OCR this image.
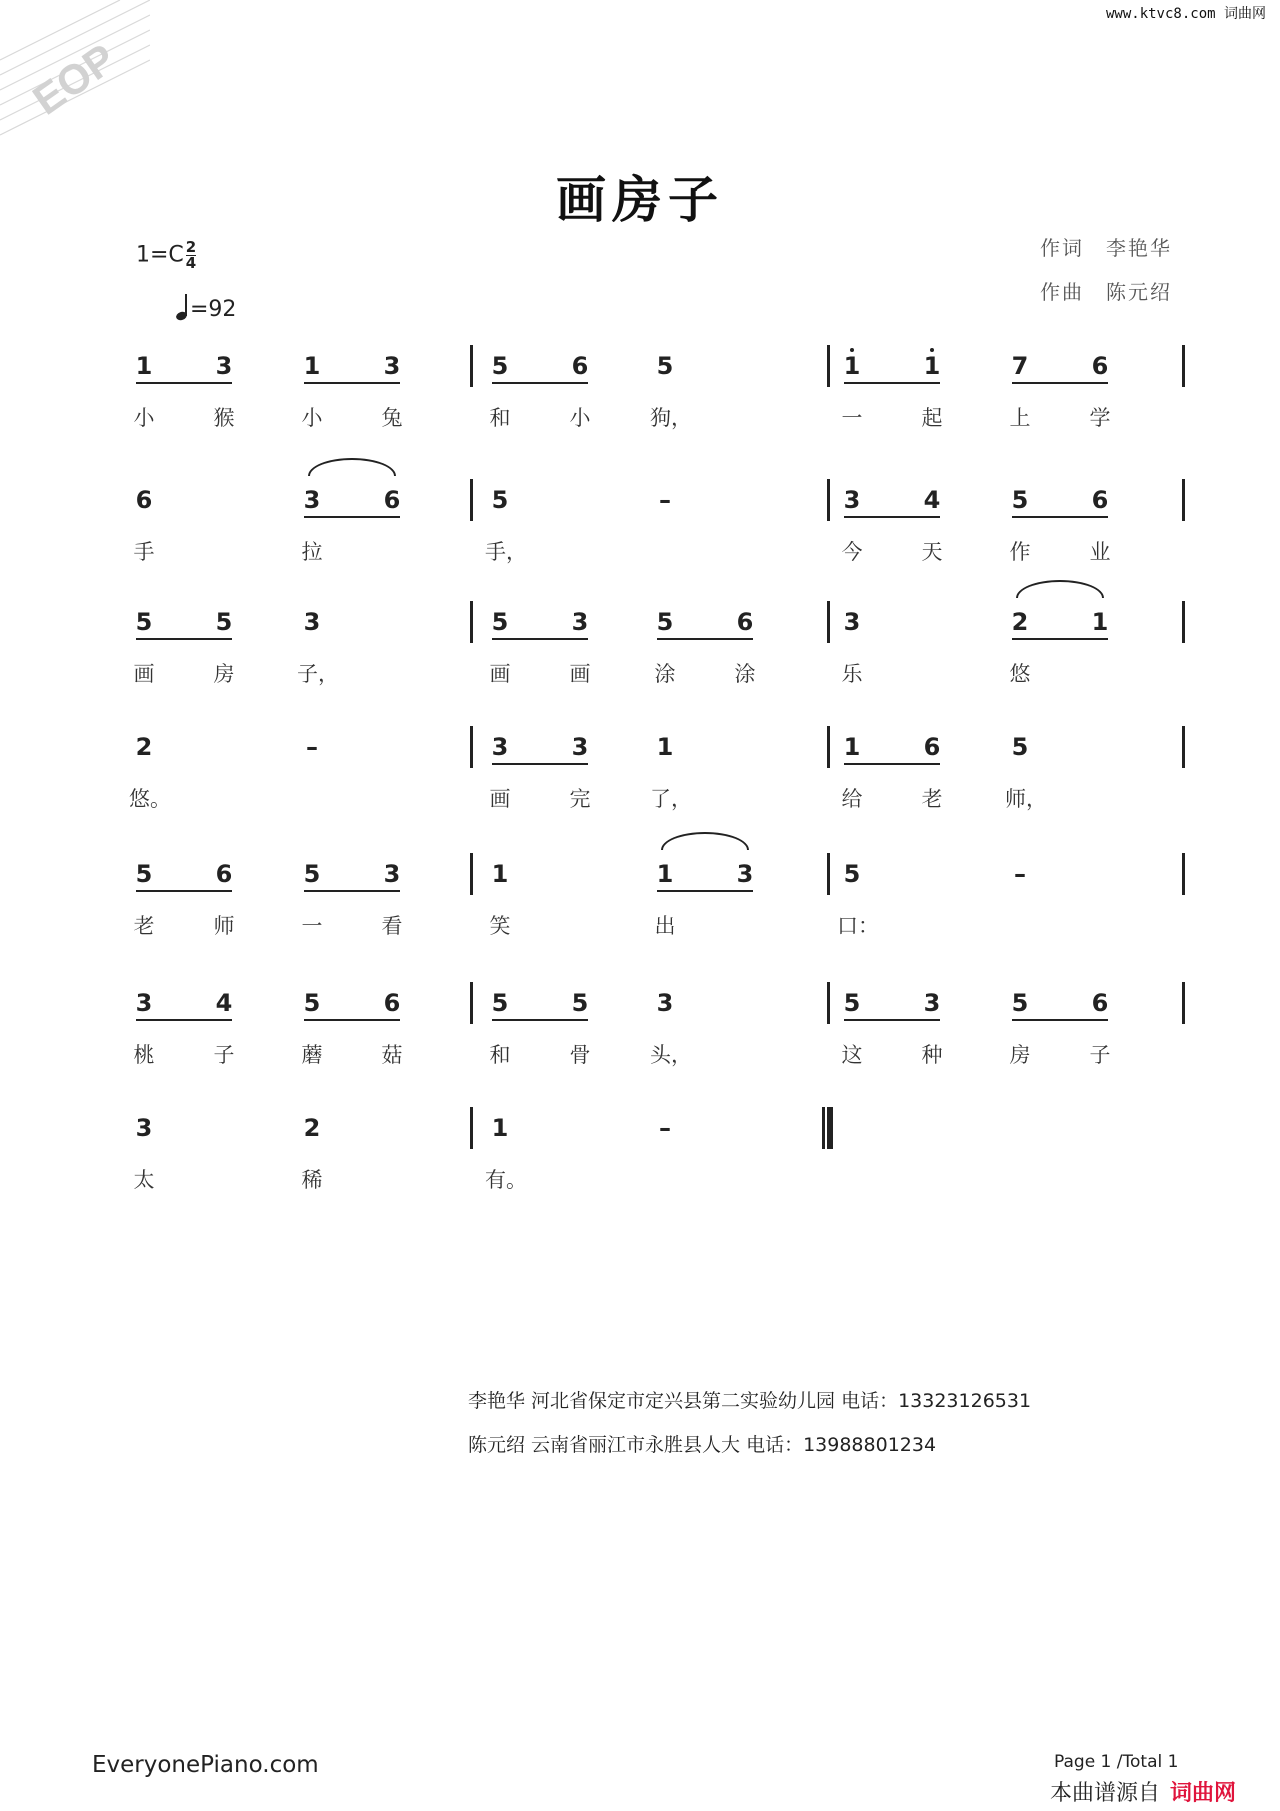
www.ktvc8.com 词曲网
EOP
画房子
$1=C \frac{2}{4}$
=92
作词 李艳华
作曲 陈元绍
1	3	1	3	5	6	5	1	1	7	6
小	猴	小	兔	和	小	狗，	一	起	上	学
6	3	6	5	–	3	4	5	6
手	拉	手，	今	天	作	业
5	5	3	5	3	5	6	3	2	1
画	房	子，	画	画	涂	涂	乐	悠
2	–	3	3	1	1	6	5
悠。	画	完	了，	给	老	师，
5	6	5	3	1	1	3	5	–
老	师	一	看	笑	出	口：
3	4	5	6	5	5	3	5	3	5	6
桃	子	蘑	菇	和	骨	头，	这	种	房	子
3	2	1	–
太	稀	有。
李艳华 河北省保定市定兴县第二实验幼儿园 电话：13323126531
陈元绍 云南省丽江市永胜县人大 电话：13988801234
EveryonePiano.com	Page 1 /Total 1
本曲谱源自 词曲网
